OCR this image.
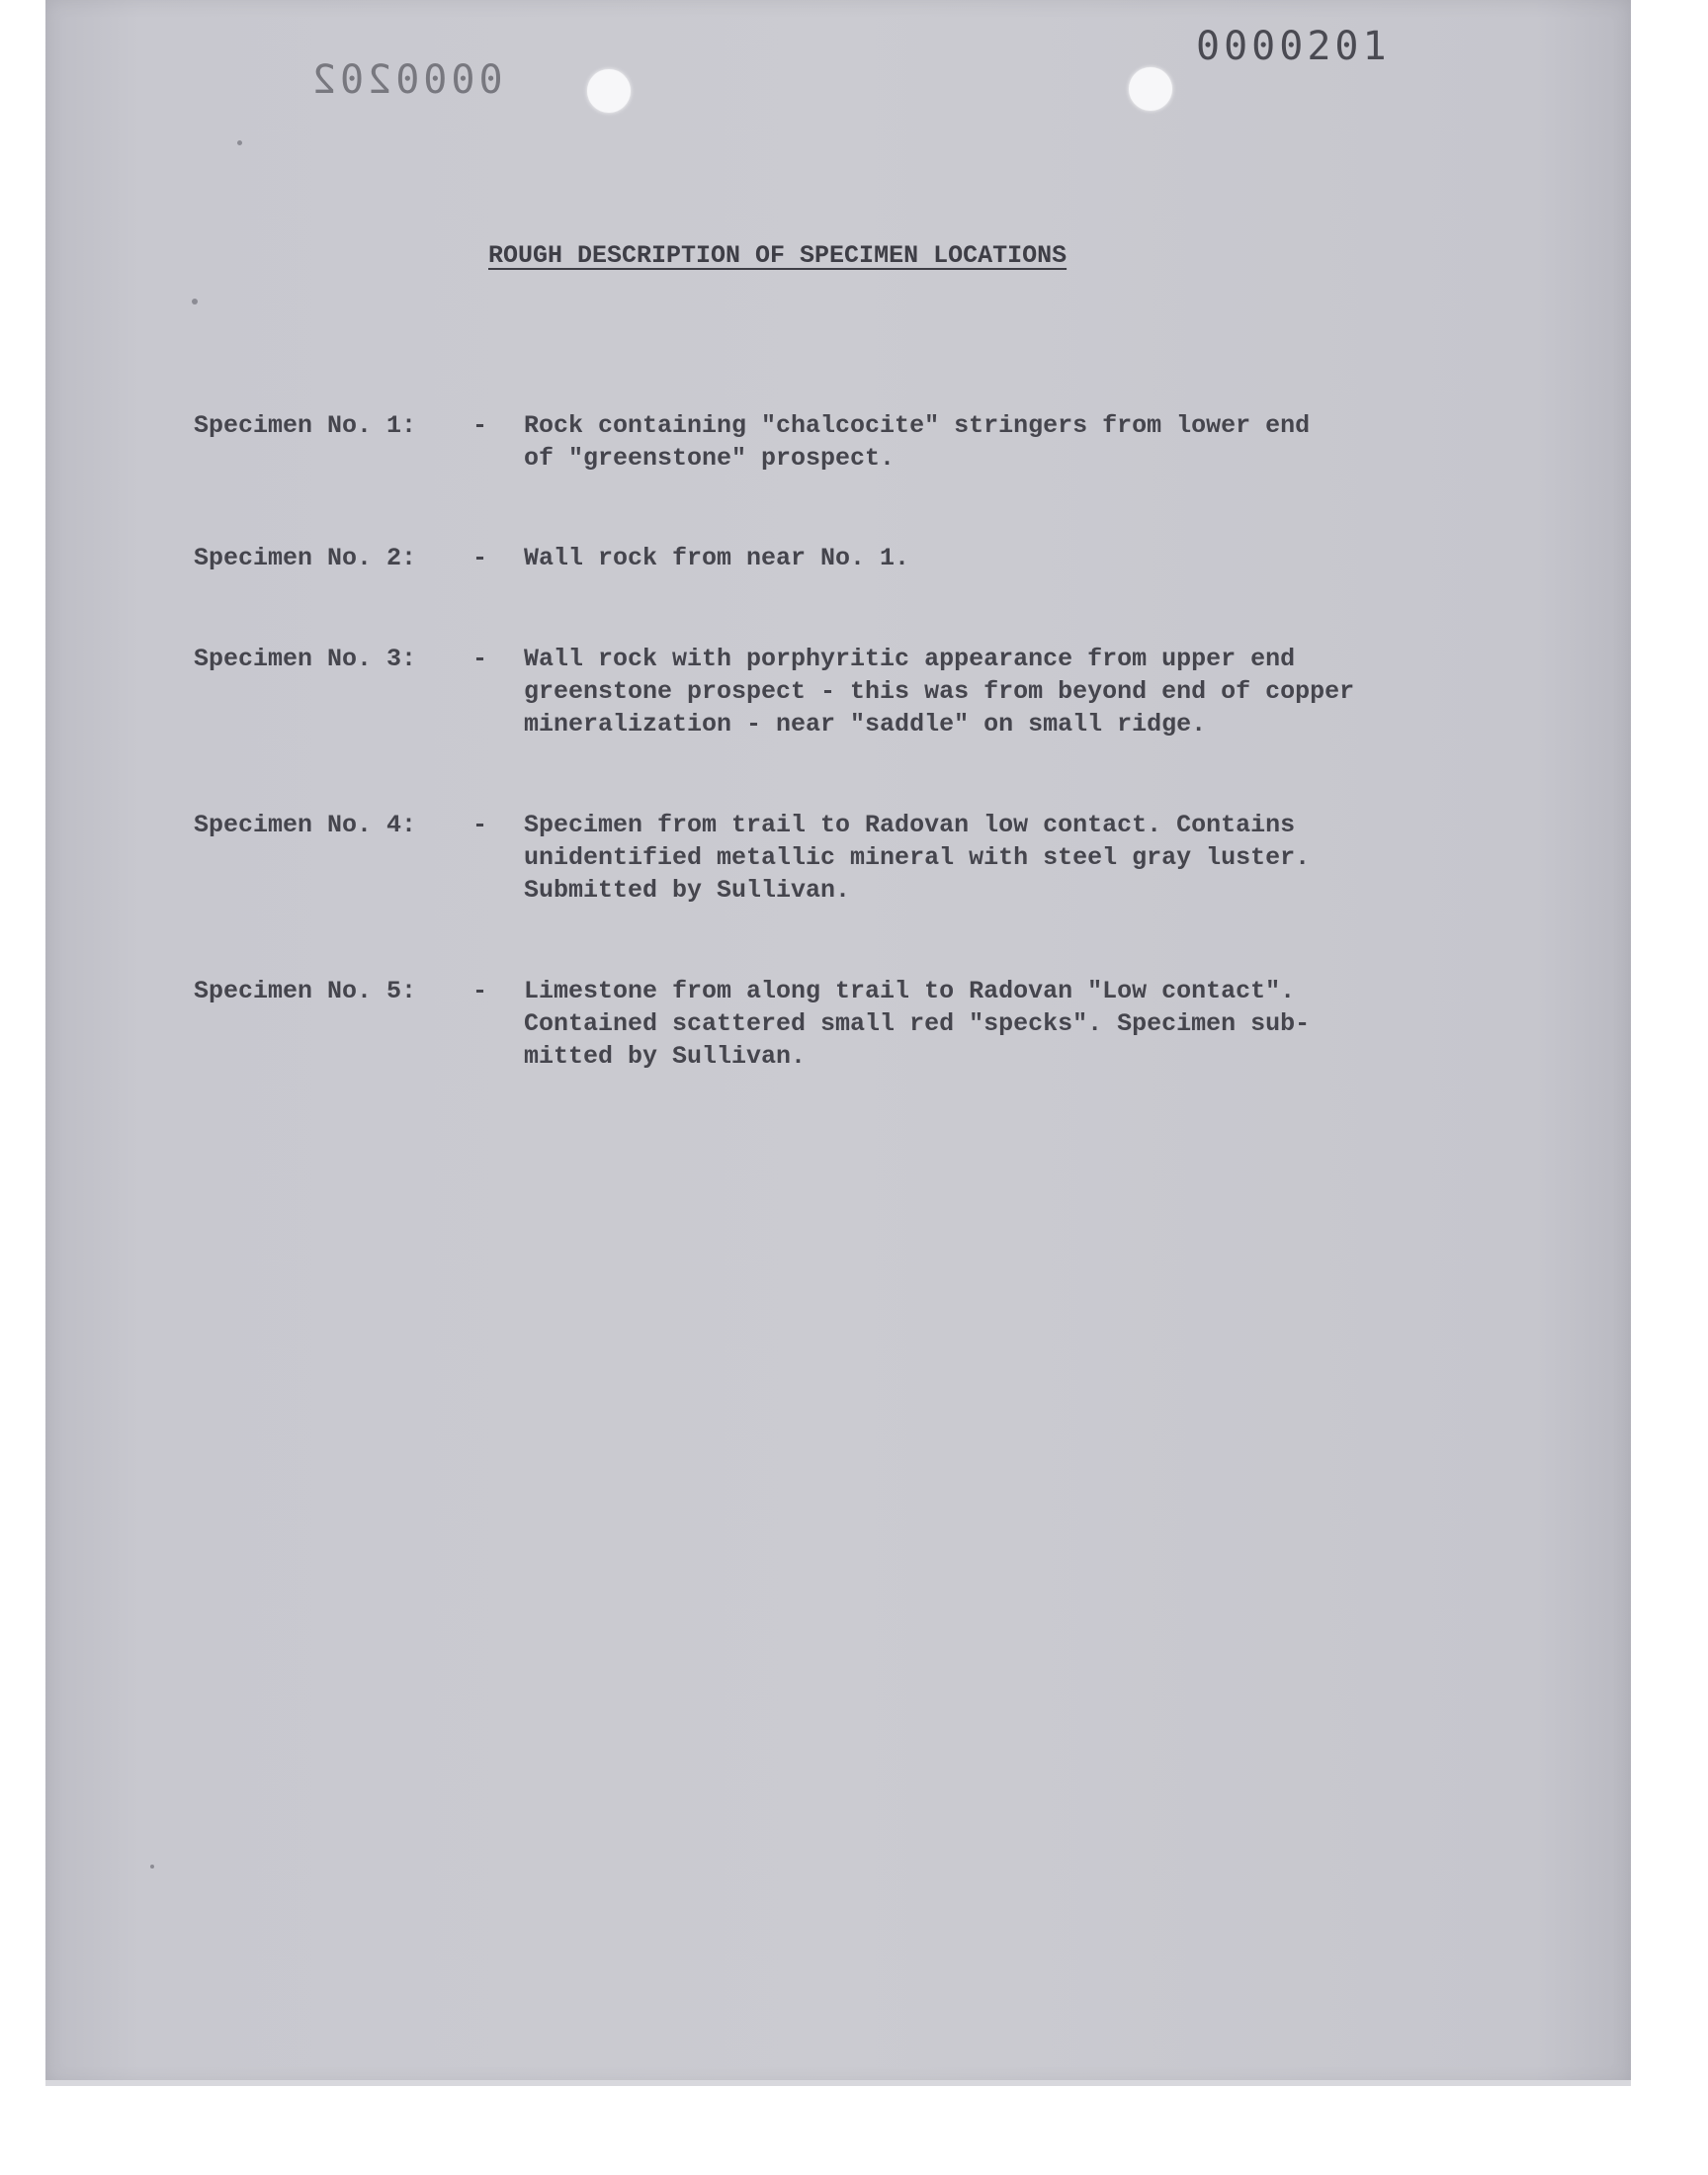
0000201
0000202
ROUGH DESCRIPTION OF SPECIMEN LOCATIONS
Specimen No. 1: - Rock containing "chalcocite" stringers from lower end
of "greenstone" prospect.
Specimen No. 2: - Wall rock from near No. 1.
Specimen No. 3: - Wall rock with porphyritic appearance from upper end
greenstone prospect - this was from beyond end of copper
mineralization - near "saddle" on small ridge.
Specimen No. 4: - Specimen from trail to Radovan low contact. Contains
unidentified metallic mineral with steel gray luster.
Submitted by Sullivan.
Specimen No. 5: - Limestone from along trail to Radovan "Low contact".
Contained scattered small red "specks". Specimen sub-
mitted by Sullivan.
